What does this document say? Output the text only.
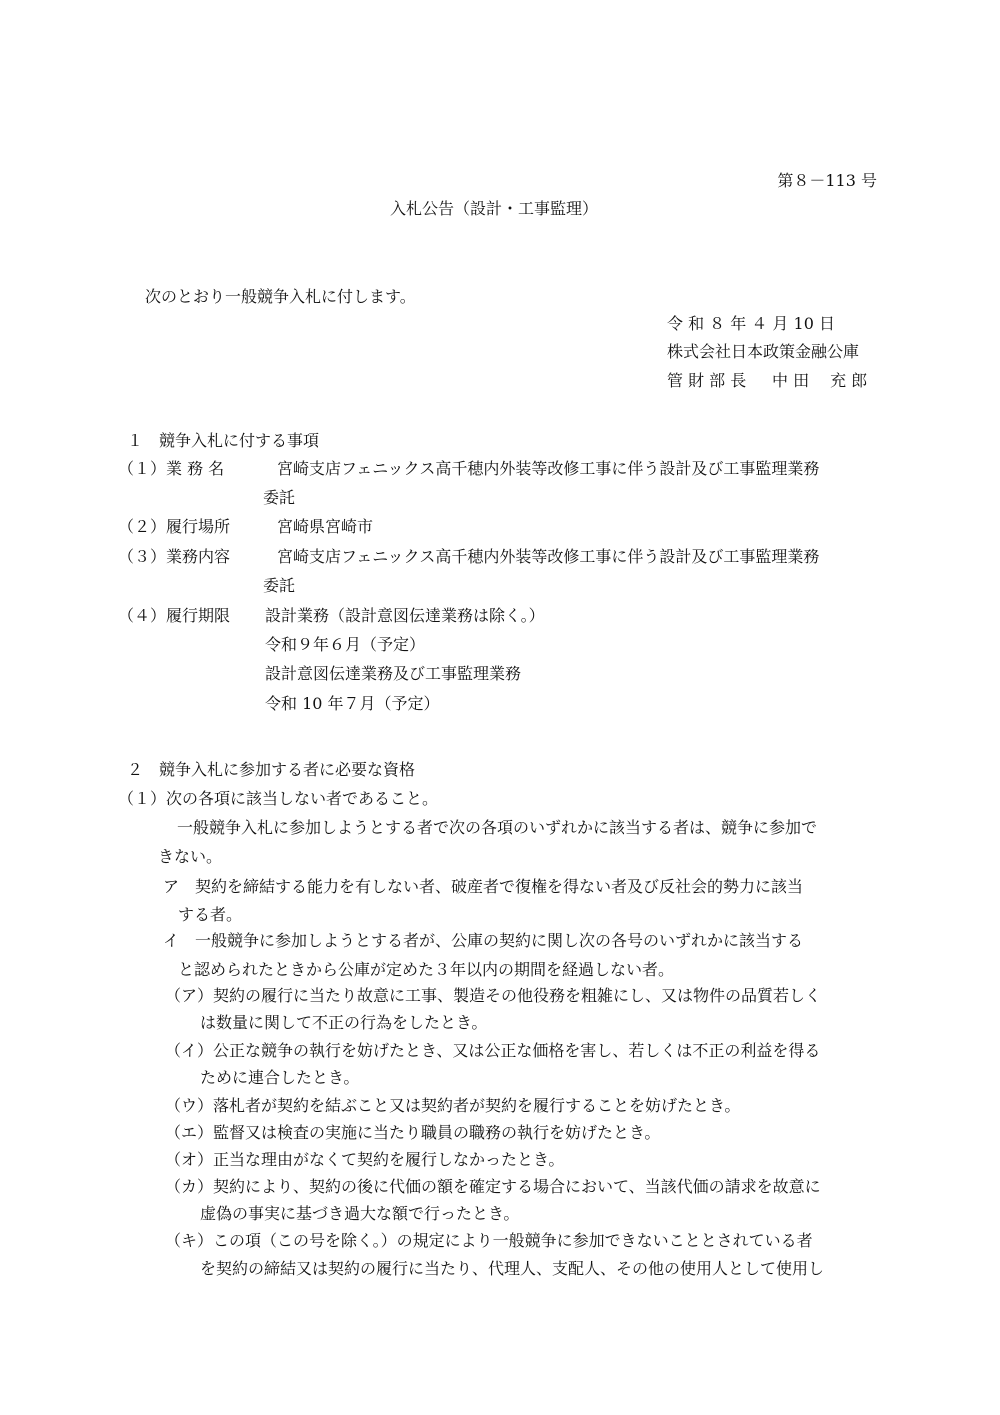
第８－113 号
入札公告（設計・工事監理）
次のとおり一般競争入札に付します。
令 和 ８ 年 ４ 月 10 日
株式会社日本政策金融公庫
管 財 部 長 中 田　 充 郎
１　競争入札に付する事項
（１）業 務 名	宮崎支店フェニックス高千穂内外装等改修工事に伴う設計及び工事監理業務
委託
（２）履行場所	宮崎県宮崎市
（３）業務内容	宮崎支店フェニックス高千穂内外装等改修工事に伴う設計及び工事監理業務
委託
（４）履行期限 設計業務（設計意図伝達業務は除く。）
令和９年６月（予定）
設計意図伝達業務及び工事監理業務
令和 10 年７月（予定）
２　競争入札に参加する者に必要な資格
（１）次の各項に該当しない者であること。
一般競争入札に参加しようとする者で次の各項のいずれかに該当する者は、競争に参加で
きない。
ア　契約を締結する能力を有しない者、破産者で復権を得ない者及び反社会的勢力に該当
する者。
イ　一般競争に参加しようとする者が、公庫の契約に関し次の各号のいずれかに該当する
と認められたときから公庫が定めた３年以内の期間を経過しない者。
（ア）契約の履行に当たり故意に工事、製造その他役務を粗雑にし、又は物件の品質若しく
は数量に関して不正の行為をしたとき。
（イ）公正な競争の執行を妨げたとき、又は公正な価格を害し、若しくは不正の利益を得る
ために連合したとき。
（ウ）落札者が契約を結ぶこと又は契約者が契約を履行することを妨げたとき。
（エ）監督又は検査の実施に当たり職員の職務の執行を妨げたとき。
（オ）正当な理由がなくて契約を履行しなかったとき。
（カ）契約により、契約の後に代価の額を確定する場合において、当該代価の請求を故意に
虚偽の事実に基づき過大な額で行ったとき。
（キ）この項（この号を除く。）の規定により一般競争に参加できないこととされている者
を契約の締結又は契約の履行に当たり、代理人、支配人、その他の使用人として使用し
